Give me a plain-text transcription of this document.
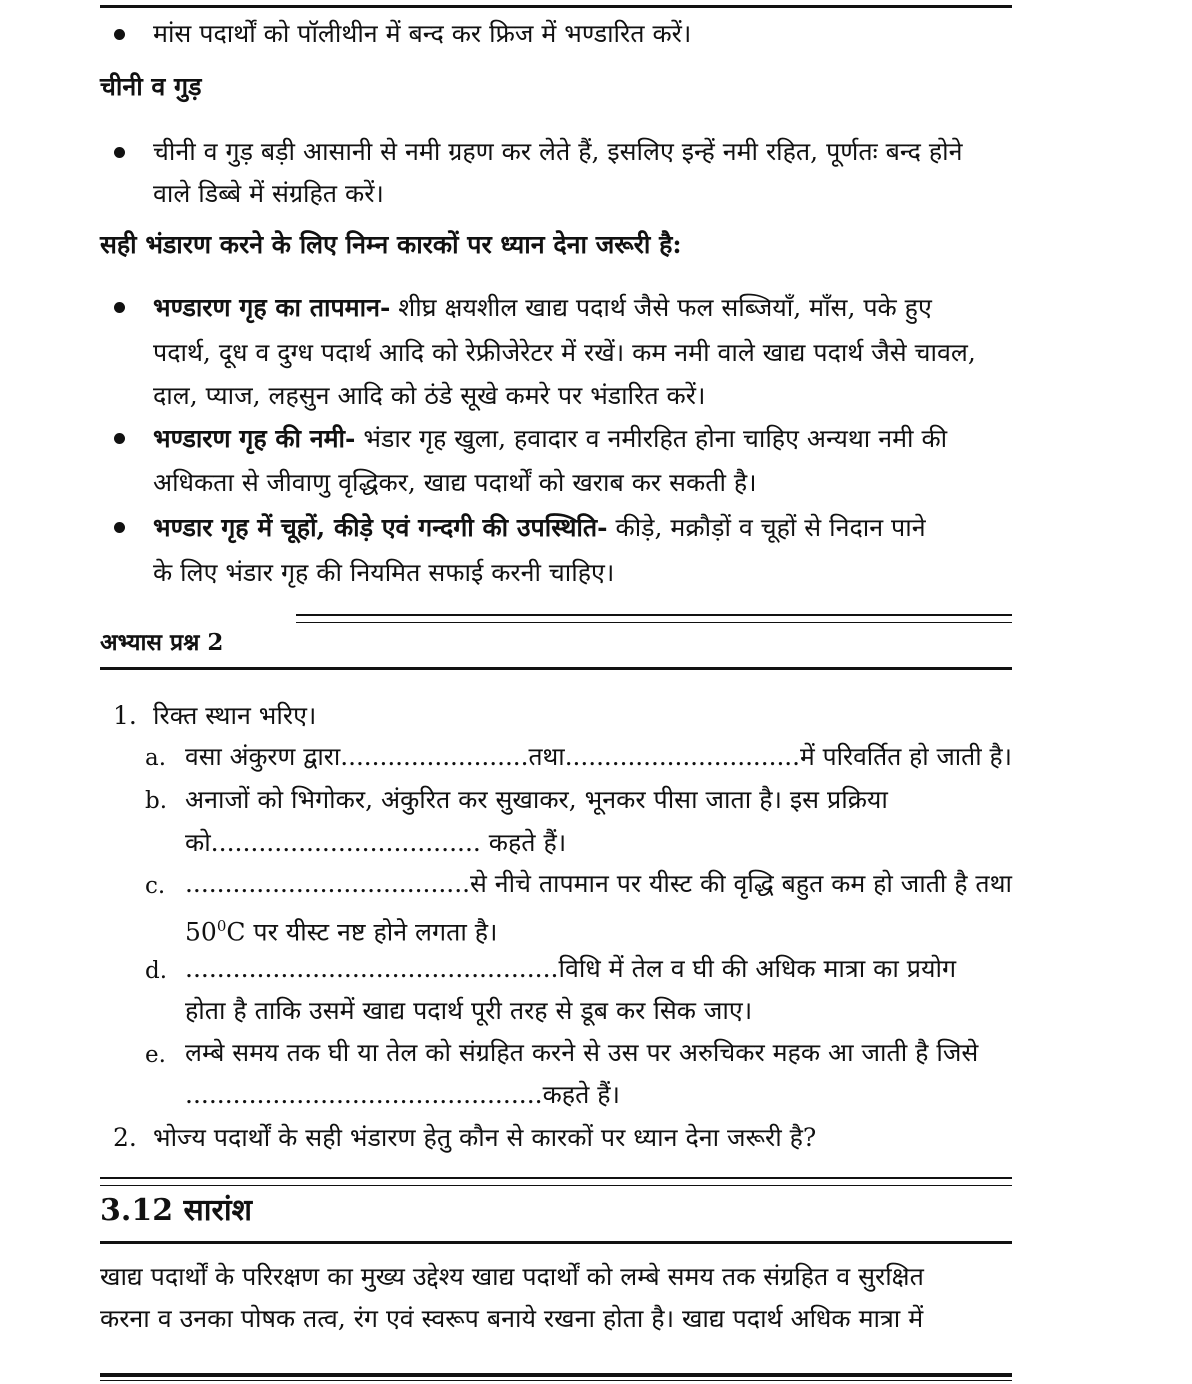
मांस पदार्थों को पॉलीथीन में बन्द कर फ्रिज में भण्डारित करें।
चीनी व गुड़
चीनी व गुड़ बड़ी आसानी से नमी ग्रहण कर लेते हैं, इसलिए इन्हें नमी रहित, पूर्णतः बन्द होने
वाले डिब्बे में संग्रहित करें।
सही भंडारण करने के लिए निम्न कारकों पर ध्यान देना जरूरी है:
भण्डारण गृह का तापमान- शीघ्र क्षयशील खाद्य पदार्थ जैसे फल सब्जियाँ, माँस, पके हुए
पदार्थ, दूध व दुग्ध पदार्थ आदि को रेफ्रीजेरेटर में रखें। कम नमी वाले खाद्य पदार्थ जैसे चावल,
दाल, प्याज, लहसुन आदि को ठंडे सूखे कमरे पर भंडारित करें।
भण्डारण गृह की नमी- भंडार गृह खुला, हवादार व नमीरहित होना चाहिए अन्यथा नमी की
अधिकता से जीवाणु वृद्धिकर, खाद्य पदार्थों को खराब कर सकती है।
भण्डार गृह में चूहों, कीड़े एवं गन्दगी की उपस्थिति- कीड़े, मक्रौड़ों व चूहों से निदान पाने
के लिए भंडार गृह की नियमित सफाई करनी चाहिए।
अभ्यास प्रश्न 2
1. रिक्त स्थान भरिए।
a. वसा अंकुरण द्वारा........................तथा..............................में परिवर्तित हो जाती है।
b. अनाजों को भिगोकर, अंकुरित कर सुखाकर, भूनकर पीसा जाता है। इस प्रक्रिया
को.................................. कहते हैं।
c. ....................................से नीचे तापमान पर यीस्ट की वृद्धि बहुत कम हो जाती है तथा
$50^0C$ पर यीस्ट नष्ट होने लगता है।
d. ...............................................विधि में तेल व घी की अधिक मात्रा का प्रयोग
होता है ताकि उसमें खाद्य पदार्थ पूरी तरह से डूब कर सिक जाए।
e. लम्बे समय तक घी या तेल को संग्रहित करने से उस पर अरुचिकर महक आ जाती है जिसे
.............................................कहते हैं।
2. भोज्य पदार्थों के सही भंडारण हेतु कौन से कारकों पर ध्यान देना जरूरी है?
3.12 सारांश
खाद्य पदार्थों के परिरक्षण का मुख्य उद्देश्य खाद्य पदार्थों को लम्बे समय तक संग्रहित व सुरक्षित
करना व उनका पोषक तत्व, रंग एवं स्वरूप बनाये रखना होता है। खाद्य पदार्थ अधिक मात्रा में
